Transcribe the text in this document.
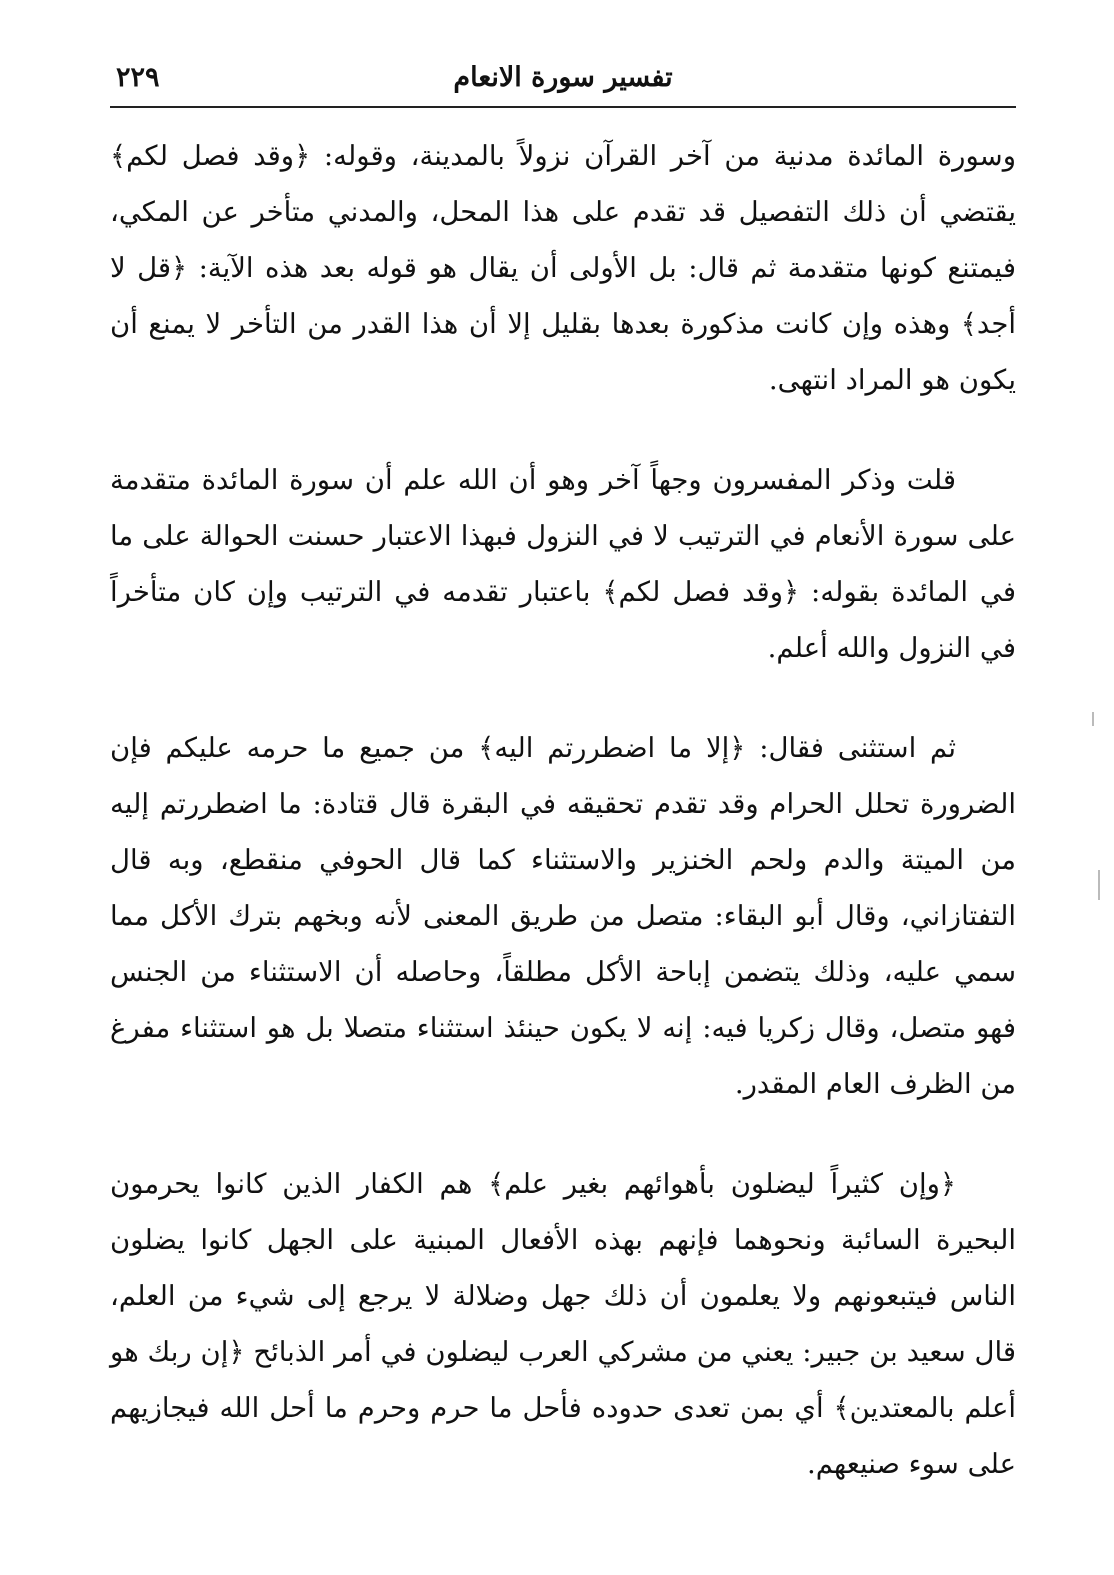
تفسير سورة الانعام
٢٢٩

وسورة المائدة مدنية من آخر القرآن نزولاً بالمدينة، وقوله: ﴿وقد فصل لكم﴾ يقتضي أن ذلك التفصيل قد تقدم على هذا المحل، والمدني متأخر عن المكي، فيمتنع كونها متقدمة ثم قال: بل الأولى أن يقال هو قوله بعد هذه الآية: ﴿قل لا أجد﴾ وهذه وإن كانت مذكورة بعدها بقليل إلا أن هذا القدر من التأخر لا يمنع أن يكون هو المراد انتهى.

قلت وذكر المفسرون وجهاً آخر وهو أن الله علم أن سورة المائدة متقدمة على سورة الأنعام في الترتيب لا في النزول فبهذا الاعتبار حسنت الحوالة على ما في المائدة بقوله: ﴿وقد فصل لكم﴾ باعتبار تقدمه في الترتيب وإن كان متأخراً في النزول والله أعلم.

ثم استثنى فقال: ﴿إلا ما اضطررتم اليه﴾ من جميع ما حرمه عليكم فإن الضرورة تحلل الحرام وقد تقدم تحقيقه في البقرة قال قتادة: ما اضطررتم إليه من الميتة والدم ولحم الخنزير والاستثناء كما قال الحوفي منقطع، وبه قال التفتازاني، وقال أبو البقاء: متصل من طريق المعنى لأنه وبخهم بترك الأكل مما سمي عليه، وذلك يتضمن إباحة الأكل مطلقاً، وحاصله أن الاستثناء من الجنس فهو متصل، وقال زكريا فيه: إنه لا يكون حينئذ استثناء متصلا بل هو استثناء مفرغ من الظرف العام المقدر.

﴿وإن كثيراً ليضلون بأهوائهم بغير علم﴾ هم الكفار الذين كانوا يحرمون البحيرة السائبة ونحوهما فإنهم بهذه الأفعال المبنية على الجهل كانوا يضلون الناس فيتبعونهم ولا يعلمون أن ذلك جهل وضلالة لا يرجع إلى شيء من العلم، قال سعيد بن جبير: يعني من مشركي العرب ليضلون في أمر الذبائح ﴿إن ربك هو أعلم بالمعتدين﴾ أي بمن تعدى حدوده فأحل ما حرم وحرم ما أحل الله فيجازيهم على سوء صنيعهم.
